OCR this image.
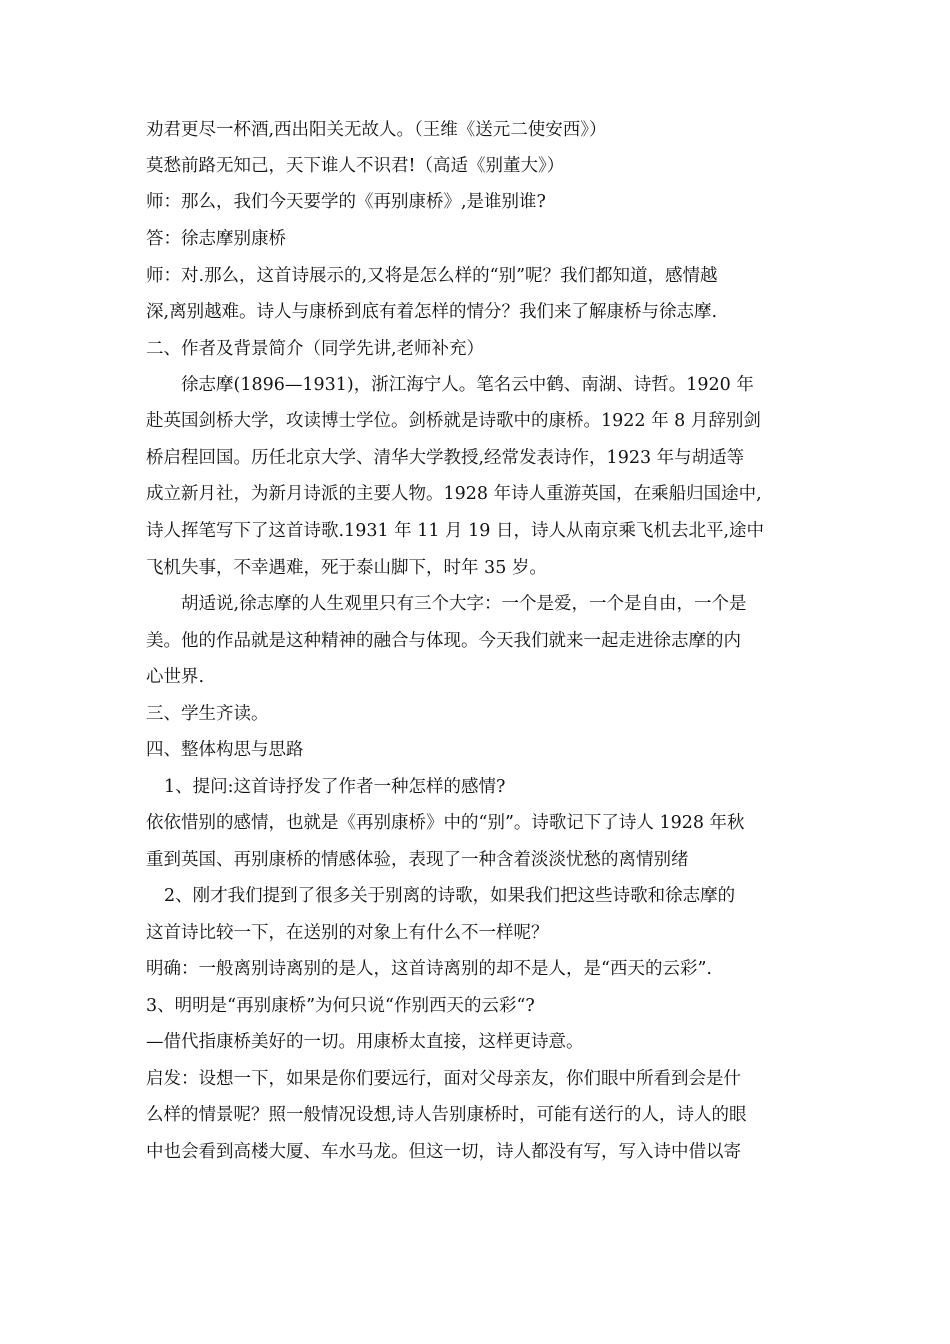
劝君更尽一杯酒,西出阳关无故人。（王维《送元二使安西》）
莫愁前路无知己，天下谁人不识君!（高适《别董大》）
师：那么，我们今天要学的《再别康桥》,是谁别谁?
答：徐志摩别康桥
师：对.那么，这首诗展示的,又将是怎么样的“别”呢？我们都知道，感情越
深,离别越难。诗人与康桥到底有着怎样的情分？我们来了解康桥与徐志摩.
二、作者及背景简介（同学先讲,老师补充）
徐志摩(1896—1931)，浙江海宁人。笔名云中鹤、南湖、诗哲。1920 年
赴英国剑桥大学，攻读博士学位。剑桥就是诗歌中的康桥。1922 年 8 月辞别剑
桥启程回国。历任北京大学、清华大学教授,经常发表诗作，1923 年与胡适等
成立新月社，为新月诗派的主要人物。1928 年诗人重游英国，在乘船归国途中,
诗人挥笔写下了这首诗歌.1931 年 11 月 19 日，诗人从南京乘飞机去北平,途中
飞机失事，不幸遇难，死于泰山脚下，时年 35 岁。
胡适说,徐志摩的人生观里只有三个大字：一个是爱，一个是自由，一个是
美。他的作品就是这种精神的融合与体现。今天我们就来一起走进徐志摩的内
心世界.
三、学生齐读。
四、整体构思与思路
1、提问:这首诗抒发了作者一种怎样的感情?
依依惜别的感情，也就是《再别康桥》中的“别”。诗歌记下了诗人 1928 年秋
重到英国、再别康桥的情感体验，表现了一种含着淡淡忧愁的离情别绪
2、刚才我们提到了很多关于别离的诗歌，如果我们把这些诗歌和徐志摩的
这首诗比较一下，在送别的对象上有什么不一样呢？
明确：一般离别诗离别的是人，这首诗离别的却不是人，是“西天的云彩”.
3、明明是“再别康桥”为何只说“作别西天的云彩“?
—借代指康桥美好的一切。用康桥太直接，这样更诗意。
启发：设想一下，如果是你们要远行，面对父母亲友，你们眼中所看到会是什
么样的情景呢？照一般情况设想,诗人告别康桥时，可能有送行的人，诗人的眼
中也会看到高楼大厦、车水马龙。但这一切，诗人都没有写，写入诗中借以寄
